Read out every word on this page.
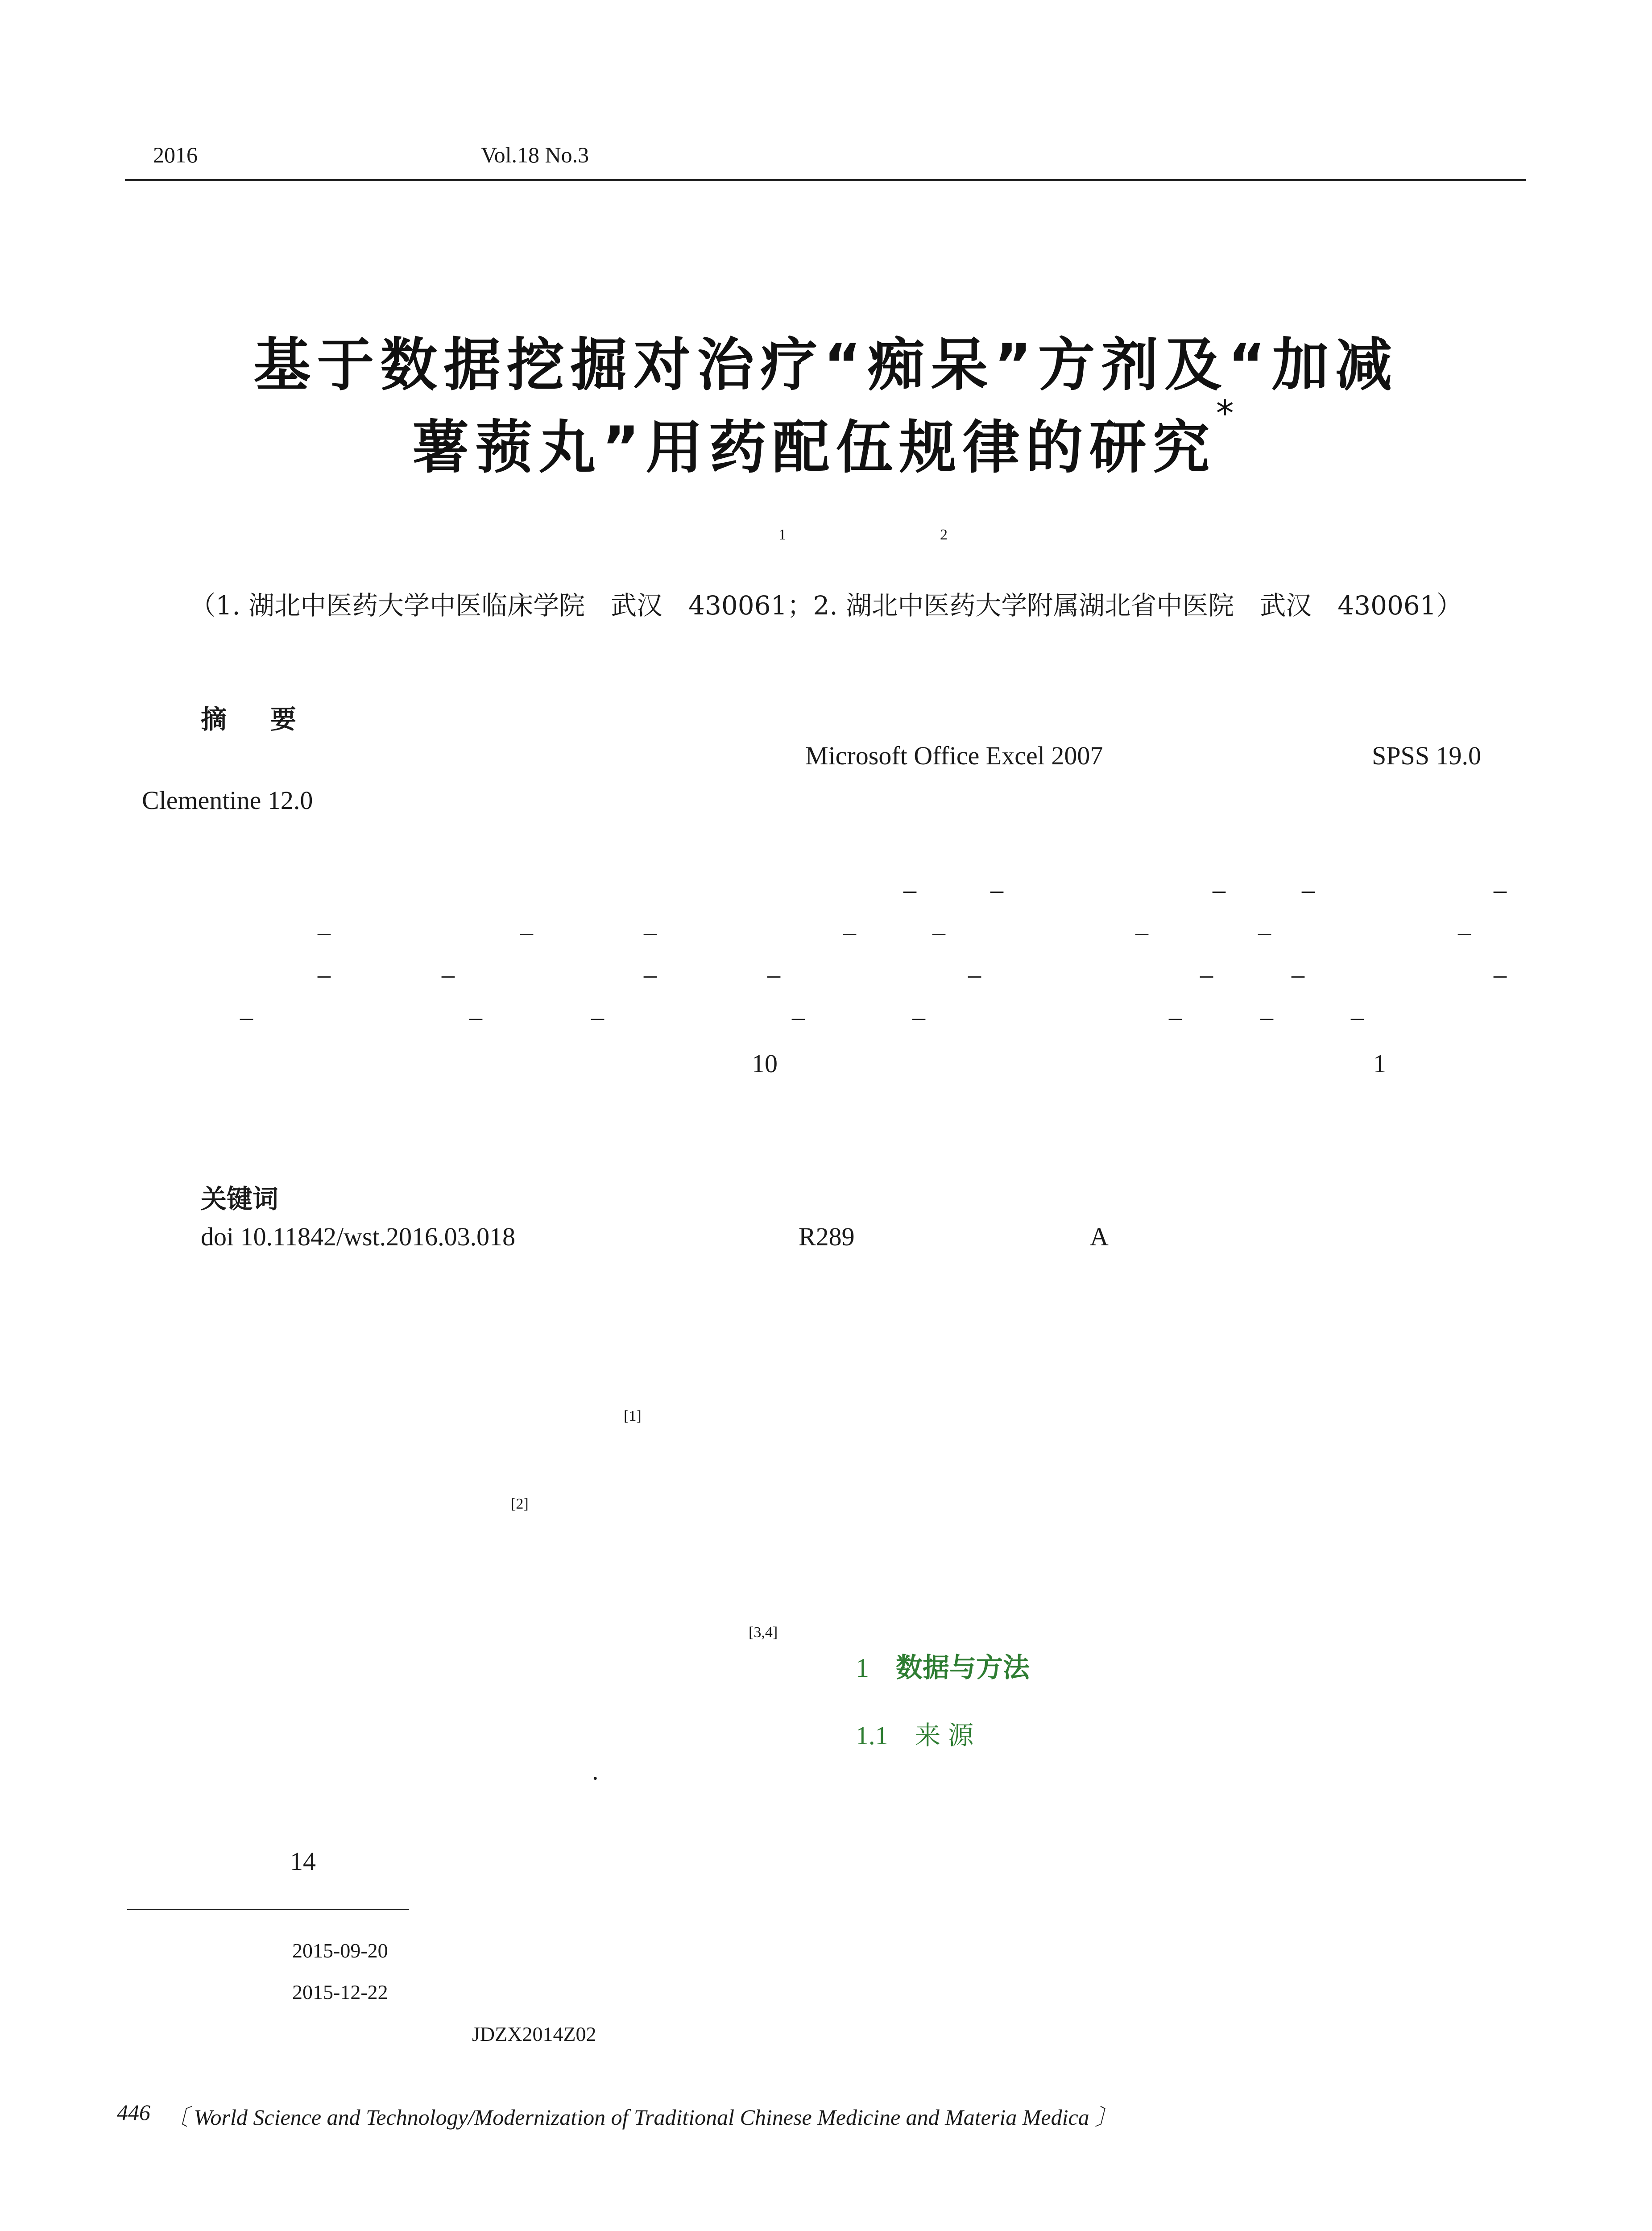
2016	Vol.18 No.3
基于数据挖掘对治疗“痴呆”方剂及“加减
薯蓣丸”用药配伍规律的研究*
1	2
（1. 湖北中医药大学中医临床学院　武汉　430061；2. 湖北中医药大学附属湖北省中医院　武汉　430061）
摘　要
Microsoft Office Excel 2007	SPSS 19.0
Clementine 12.0
–	–	–	–	–
–	–	–	–	–	–	–	–
–	–	–	–	–	–	–	–
–	–	–	–	–	–	–	–
10	1
关键词
doi 10.11842/wst.2016.03.018	R289	A
[1]
[2]
[3,4]
.
1 数据与方法
1.1 来源
14
2015-09-20
2015-12-22
JDZX2014Z02
446 〔 World Science and Technology/Modernization of Traditional Chinese Medicine and Materia Medica 〕
